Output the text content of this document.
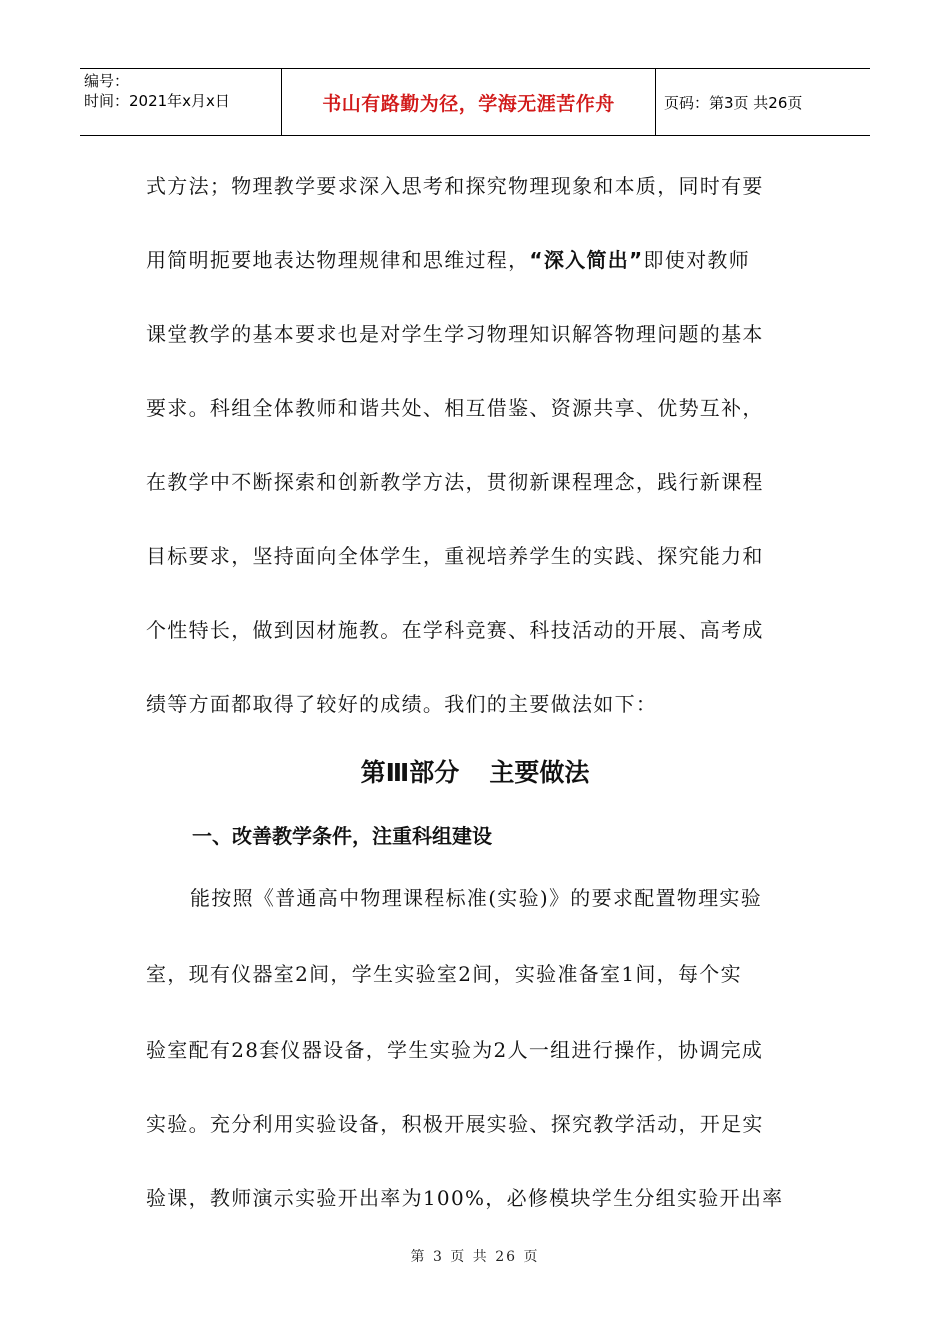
编号：
时间：2021年x月x日	书山有路勤为径，学海无涯苦作舟	页码：第3页 共26页
式方法；物理教学要求深入思考和探究物理现象和本质，同时有要
用简明扼要地表达物理规律和思维过程，“深入简出”即使对教师
课堂教学的基本要求也是对学生学习物理知识解答物理问题的基本
要求。科组全体教师和谐共处、相互借鉴、资源共享、优势互补，
在教学中不断探索和创新教学方法，贯彻新课程理念，践行新课程
目标要求，坚持面向全体学生，重视培养学生的实践、探究能力和
个性特长，做到因材施教。在学科竞赛、科技活动的开展、高考成
绩等方面都取得了较好的成绩。我们的主要做法如下：
第Ⅲ部分 主要做法
一、改善教学条件，注重科组建设
能按照《普通高中物理课程标准(实验)》的要求配置物理实验
室，现有仪器室2间，学生实验室2间，实验准备室1间，每个实
验室配有28套仪器设备，学生实验为2人一组进行操作，协调完成
实验。充分利用实验设备，积极开展实验、探究教学活动，开足实
验课，教师演示实验开出率为100%，必修模块学生分组实验开出率
第 3 页 共 26 页
